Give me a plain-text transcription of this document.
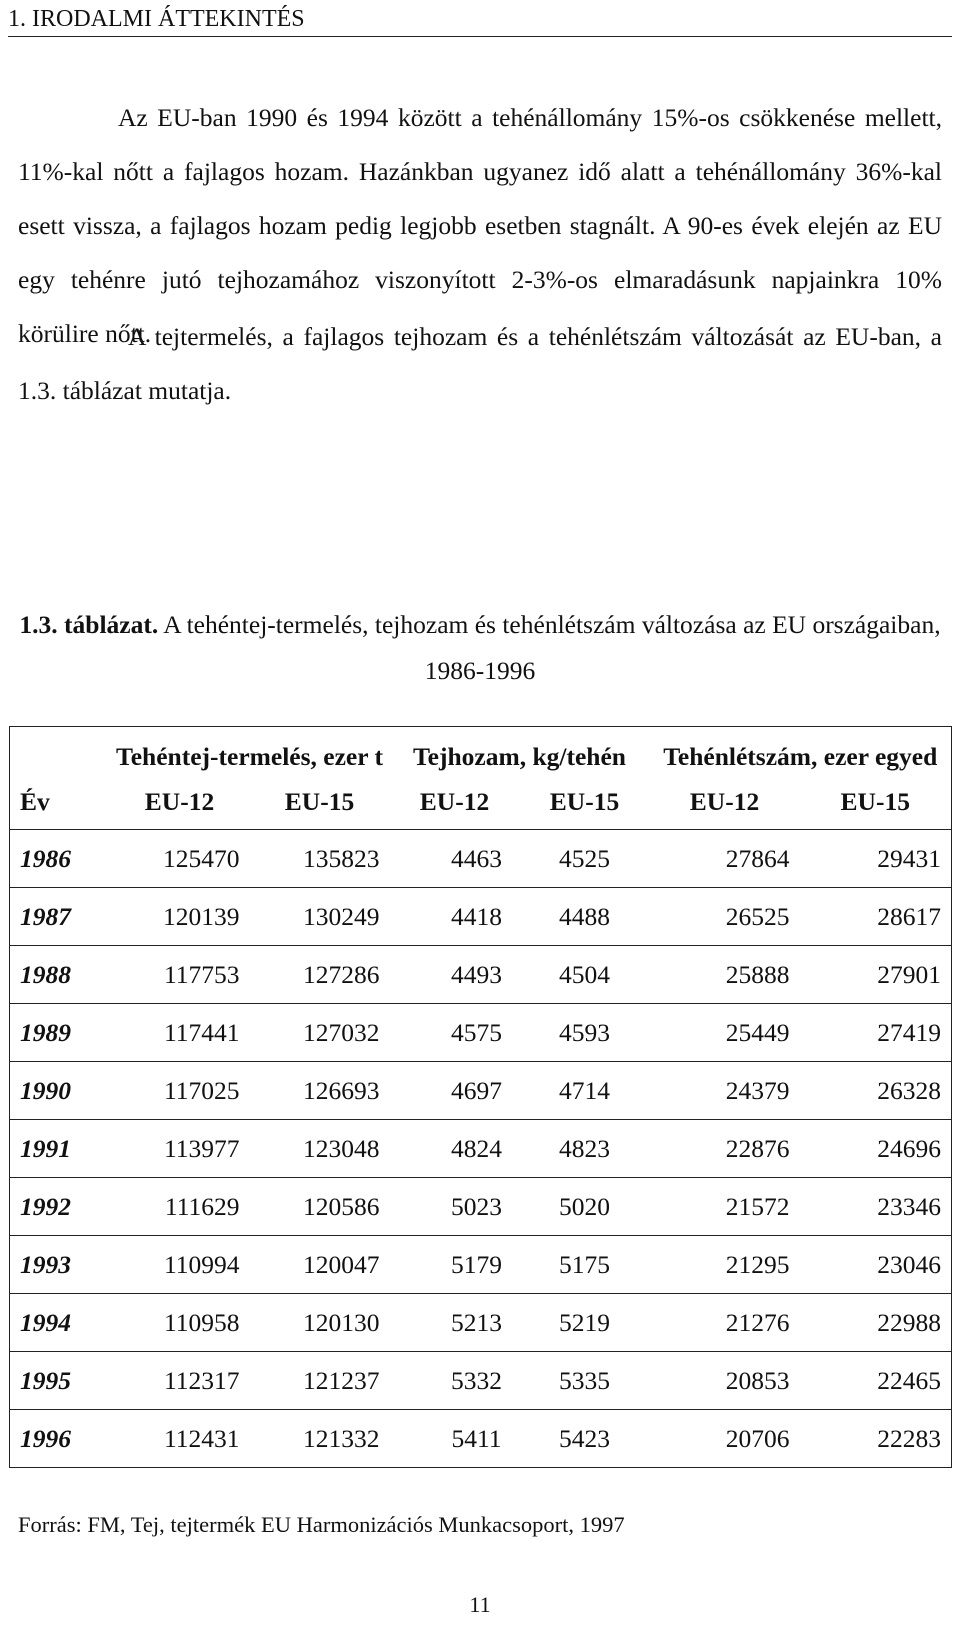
1. IRODALMI ÁTTEKINTÉS
Az EU-ban 1990 és 1994 között a tehénállomány 15%-os csökkenése mellett, 11%-kal nőtt a fajlagos hozam. Hazánkban ugyanez idő alatt a tehénállomány 36%-kal esett vissza, a fajlagos hozam pedig legjobb esetben stagnált. A 90-es évek elején az EU egy tehénre jutó tejhozamához viszonyított 2-3%-os elmaradásunk napjainkra 10% körülire nőtt.
A tejtermelés, a fajlagos tejhozam és a tehénlétszám változását az EU-ban, a 1.3. táblázat mutatja.
1.3. táblázat. A tehéntej-termelés, tejhozam és tehénlétszám változása az EU országaiban, 1986-1996
	Tehéntej-termelés, ezer t		Tejhozam, kg/tehén		Tehénlétszám, ezer egyed	
Év	EU-12	EU-15	EU-12	EU-15	EU-12	EU-15
1986	125470	135823	4463	4525	27864	29431
1987	120139	130249	4418	4488	26525	28617
1988	117753	127286	4493	4504	25888	27901
1989	117441	127032	4575	4593	25449	27419
1990	117025	126693	4697	4714	24379	26328
1991	113977	123048	4824	4823	22876	24696
1992	111629	120586	5023	5020	21572	23346
1993	110994	120047	5179	5175	21295	23046
1994	110958	120130	5213	5219	21276	22988
1995	112317	121237	5332	5335	20853	22465
1996	112431	121332	5411	5423	20706	22283
Forrás: FM, Tej, tejtermék EU Harmonizációs Munkacsoport, 1997
11
